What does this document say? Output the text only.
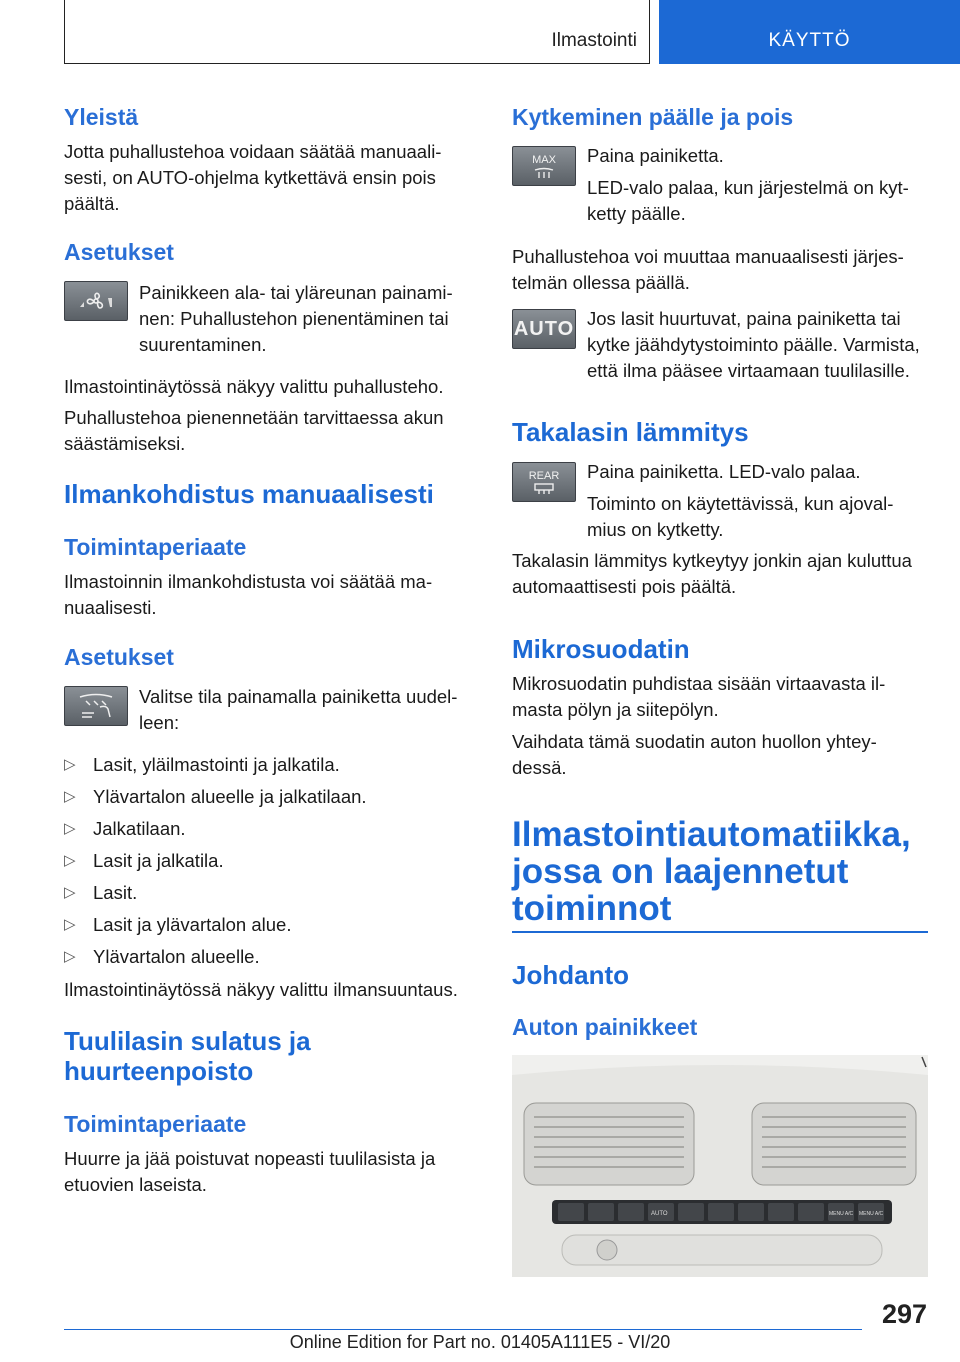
Ilmastointi	KÄYTTÖ
Yleistä
Jotta puhallustehoa voidaan säätää manuaali-sesti, on AUTO-ohjelma kytkettävä ensin pois päältä.
Asetukset
Painikkeen ala- tai yläreunan painami-nen: Puhallustehon pienentäminen tai suurentaminen.
Ilmastointinäytössä näkyy valittu puhallusteho.
Puhallustehoa pienennetään tarvittaessa akun säästämiseksi.
Ilmankohdistus manuaalisesti
Toimintaperiaate
Ilmastoinnin ilmankohdistusta voi säätää ma-nuaalisesti.
Asetukset
Valitse tila painamalla painiketta uudel-leen:
▷ Lasit, yläilmastointi ja jalkatila.
▷ Ylävartalon alueelle ja jalkatilaan.
▷ Jalkatilaan.
▷ Lasit ja jalkatila.
▷ Lasit.
▷ Lasit ja ylävartalon alue.
▷ Ylävartalon alueelle.
Ilmastointinäytössä näkyy valittu ilmansuuntaus.
Tuulilasin sulatus ja huurteenpoisto
Toimintaperiaate
Huurre ja jää poistuvat nopeasti tuulilasista ja etuovien laseista.
Kytkeminen päälle ja pois
MAX	Paina painiketta.
LED-valo palaa, kun järjestelmä on kyt-ketty päälle.
Puhallustehoa voi muuttaa manuaalisesti järjes-telmän ollessa päällä.
AUTO Jos lasit huurtuvat, paina painiketta tai kytke jäähdytystoiminto päälle. Varmista, että ilma pääsee virtaamaan tuulilasille.
Takalasin lämmitys
REAR	Paina painiketta. LED-valo palaa.
Toiminto on käytettävissä, kun ajoval-mius on kytketty.
Takalasin lämmitys kytkeytyy jonkin ajan kuluttua automaattisesti pois päältä.
Mikrosuodatin
Mikrosuodatin puhdistaa sisään virtaavasta il-masta pölyn ja siitepölyn.
Vaihdata tämä suodatin auton huollon yhtey-dessä.
Ilmastointiautomatiikka, jossa on laajennetut toiminnot
Johdanto
Auton painikkeet
AUTO	MENU A/C MENU A/C
297
Online Edition for Part no. 01405A111E5 - VI/20
